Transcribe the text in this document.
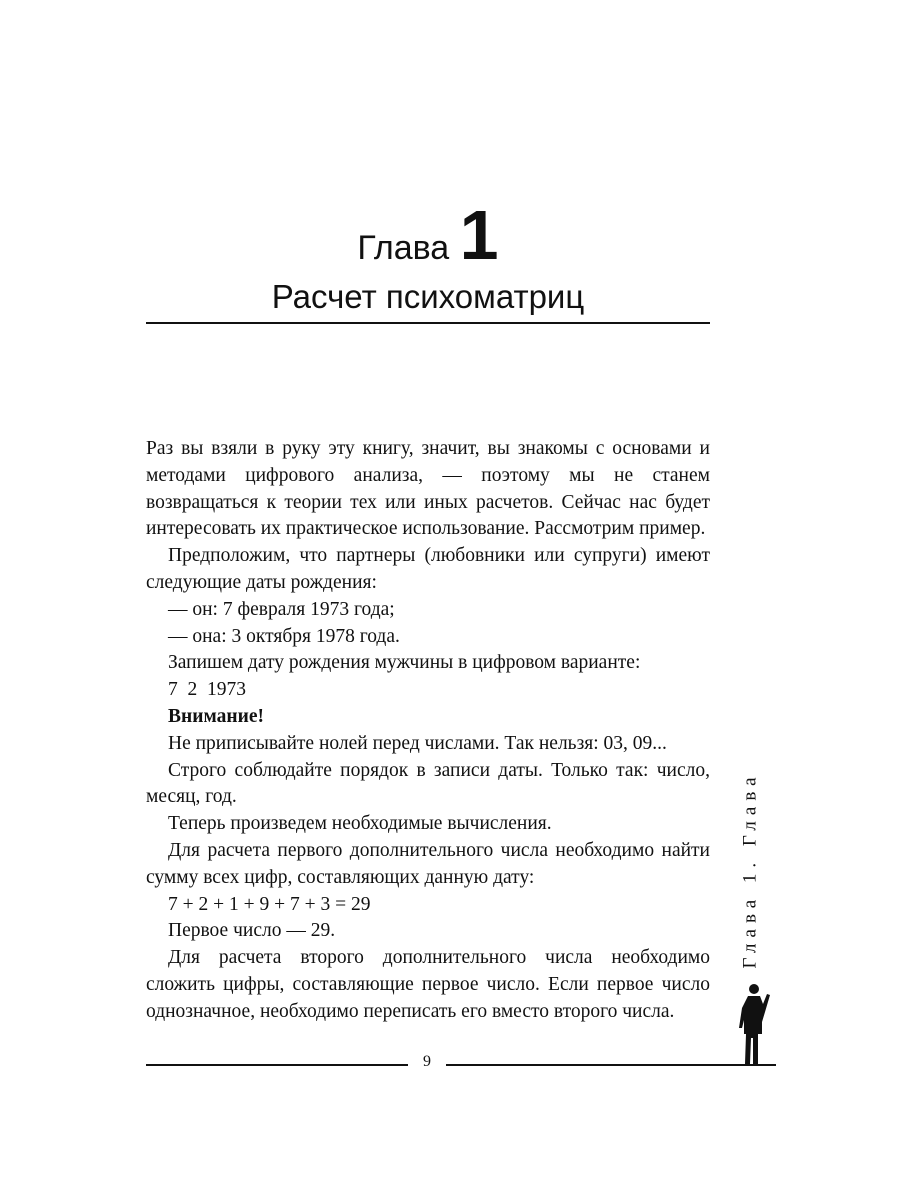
Глава 1
Расчет психоматриц

Раз вы взяли в руку эту книгу, значит, вы знакомы с основами и методами цифрового анализа, — поэтому мы не станем возвращаться к теории тех или иных расчетов. Сейчас нас будет интересовать их практическое использование. Рассмотрим пример.

Предположим, что партнеры (любовники или супруги) имеют следующие даты рождения:

— он: 7 февраля 1973 года;

— она: 3 октября 1978 года.

Запишем дату рождения мужчины в цифровом варианте:

7  2  1973

Внимание!

Не приписывайте нолей перед числами. Так нельзя: 03, 09...

Строго соблюдайте порядок в записи даты. Только так: число, месяц, год.

Теперь произведем необходимые вычисления.

Для расчета первого дополнительного числа необходимо найти сумму всех цифр, составляющих данную дату:

7 + 2 + 1 + 9 + 7 + 3 = 29

Первое число — 29.

Для расчета второго дополнительного числа необходимо сложить цифры, составляющие первое число. Если первое число однозначное, необходимо переписать его вместо второго числа.

Глава 1. Глава
9
